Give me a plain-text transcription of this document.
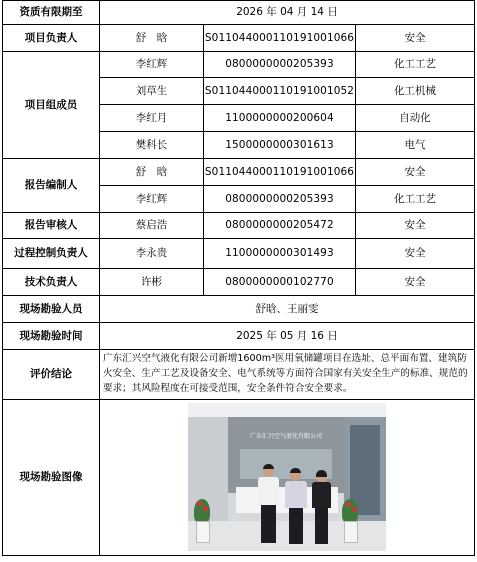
资质有限期至	2026 年 04 月 14 日		
项目负责人	舒　晗	S011044000110191001066	安全
项目组成员	李红辉	0800000000205393	化工工艺
	刘草生	S011044000110191001052	化工机械
	李红月	1100000000200604	自动化
	樊科长	1500000000301613	电气
报告编制人	舒　晗	S011044000110191001066	安全
	李红辉	0800000000205393	化工工艺
报告审核人	蔡启浩	0800000000205472	安全
过程控制负责人	李永贵	1100000000301493	安全
技术负责人	许彬	0800000000102770	安全
现场勘验人员	舒晗、王丽雯		
现场勘验时间	2025 年 05 月 16 日		
评价结论	广东汇兴空气液化有限公司新增1600m³医用氧储罐项目在选址、总平面布置、建筑防火安全、生产工艺及设备安全、电气系统等方面符合国家有关安全生产的标准、规范的要求；其风险程度在可接受范围，安全条件符合安全要求。		
现场勘验图像	广东汇兴空气液化有限公司		
